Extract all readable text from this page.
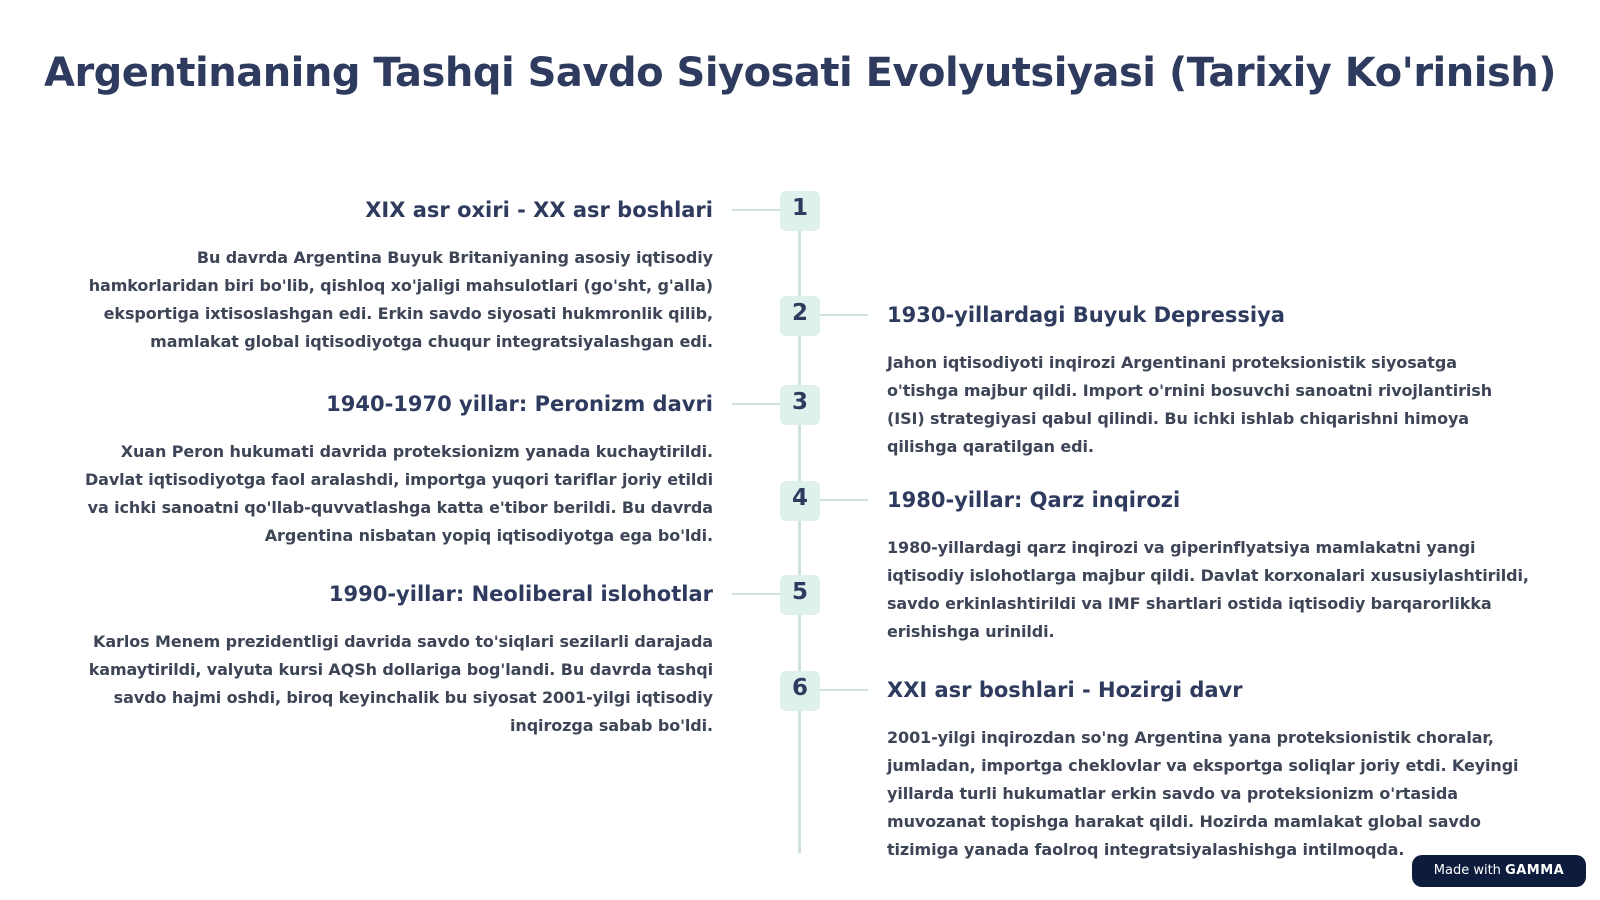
Argentinaning Tashqi Savdo Siyosati Evolyutsiyasi (Tarixiy Ko'rinish)
1
XIX asr oxiri - XX asr boshlari

Bu davrda Argentina Buyuk Britaniyaning asosiy iqtisodiy hamkorlaridan biri bo'lib, qishloq xo'jaligi mahsulotlari (go'sht, g'alla) eksportiga ixtisoslashgan edi. Erkin savdo siyosati hukmronlik qilib, mamlakat global iqtisodiyotga chuqur integratsiyalashgan edi.

2	1930-yillardagi Buyuk Depressiya

Jahon iqtisodiyoti inqirozi Argentinani proteksionistik siyosatga o'tishga majbur qildi. Import o'rnini bosuvchi sanoatni rivojlantirish (ISI) strategiyasi qabul qilindi. Bu ichki ishlab chiqarishni himoya qilishga qaratilgan edi.

3
1940-1970 yillar: Peronizm davri

Xuan Peron hukumati davrida proteksionizm yanada kuchaytirildi. Davlat iqtisodiyotga faol aralashdi, importga yuqori tariflar joriy etildi va ichki sanoatni qo'llab-quvvatlashga katta e'tibor berildi. Bu davrda Argentina nisbatan yopiq iqtisodiyotga ega bo'ldi.

4	1980-yillar: Qarz inqirozi

1980-yillardagi qarz inqirozi va giperinflyatsiya mamlakatni yangi iqtisodiy islohotlarga majbur qildi. Davlat korxonalari xususiylashtirildi, savdo erkinlashtirildi va IMF shartlari ostida iqtisodiy barqarorlikka erishishga urinildi.

5
1990-yillar: Neoliberal islohotlar

Karlos Menem prezidentligi davrida savdo to'siqlari sezilarli darajada kamaytirildi, valyuta kursi AQSh dollariga bog'landi. Bu davrda tashqi savdo hajmi oshdi, biroq keyinchalik bu siyosat 2001-yilgi iqtisodiy inqirozga sabab bo'ldi.

6	XXI asr boshlari - Hozirgi davr

2001-yilgi inqirozdan so'ng Argentina yana proteksionistik choralar, jumladan, importga cheklovlar va eksportga soliqlar joriy etdi. Keyingi yillarda turli hukumatlar erkin savdo va proteksionizm o'rtasida muvozanat topishga harakat qildi. Hozirda mamlakat global savdo tizimiga yanada faolroq integratsiyalashishga intilmoqda.

Made with GAMMA
